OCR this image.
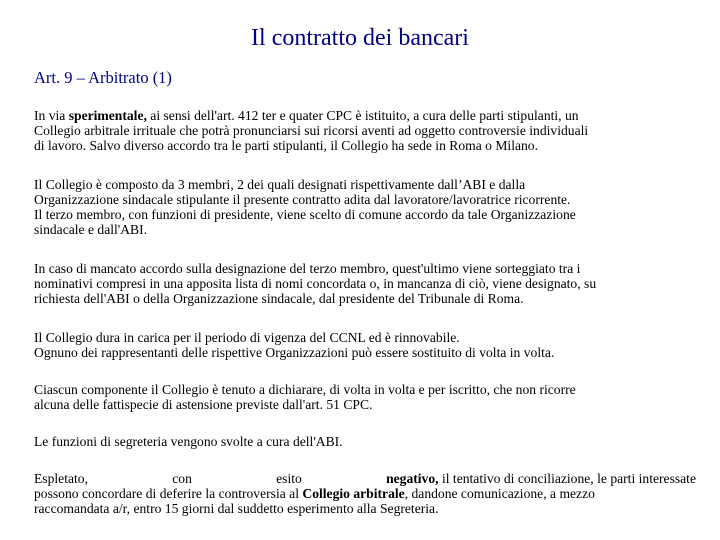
Il contratto dei bancari
Art. 9 – Arbitrato (1)

In via sperimentale, ai sensi dell'art. 412 ter e quater CPC è istituito, a cura delle parti stipulanti, un
Collegio arbitrale irrituale che potrà pronunciarsi sui ricorsi aventi ad oggetto controversie individuali
di lavoro. Salvo diverso accordo tra le parti stipulanti, il Collegio ha sede in Roma o Milano.

Il Collegio è composto da 3 membri, 2 dei quali designati rispettivamente dall’ABI e dalla
Organizzazione sindacale stipulante il presente contratto adita dal lavoratore/lavoratrice ricorrente.
Il terzo membro, con funzioni di presidente, viene scelto di comune accordo da tale Organizzazione
sindacale e dall'ABI.

In caso di mancato accordo sulla designazione del terzo membro, quest'ultimo viene sorteggiato tra i
nominativi compresi in una apposita lista di nomi concordata o, in mancanza di ciò, viene designato, su
richiesta dell'ABI o della Organizzazione sindacale, dal presidente del Tribunale di Roma.

Il Collegio dura in carica per il periodo di vigenza del CCNL ed è rinnovabile.
Ognuno dei rappresentanti delle rispettive Organizzazioni può essere sostituito di volta in volta.

Ciascun componente il Collegio è tenuto a dichiarare, di volta in volta e per iscritto, che non ricorre
alcuna delle fattispecie di astensione previste dall'art. 51 CPC.

Le funzioni di segreteria vengono svolte a cura dell'ABI.

Espletato,	con	esito	negativo, il tentativo di conciliazione, le parti interessate
possono concordare di deferire la controversia al Collegio arbitrale, dandone comunicazione, a mezzo
raccomandata a/r, entro 15 giorni dal suddetto esperimento alla Segreteria.
